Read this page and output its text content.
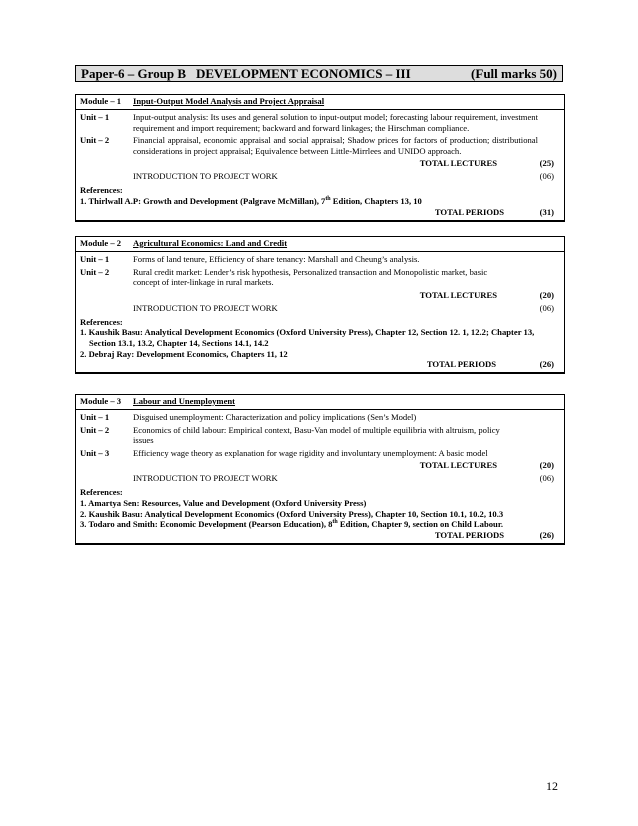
Paper-6 – Group B DEVELOPMENT ECONOMICS – III	(Full marks 50)
Module – 1 Input-Output Model Analysis and Project Appraisal
Unit – 1	Input-output analysis: Its uses and general solution to input-output model; forecasting labour requirement, investment requirement and import requirement; backward and forward linkages; the Hirschman compliance.
Unit – 2	Financial appraisal, economic appraisal and social appraisal; Shadow prices for factors of production; distributional considerations in project appraisal; Equivalence between Little-Mirrlees and UNIDO approach.
TOTAL LECTURES	(25)
INTRODUCTION TO PROJECT WORK	(06)
References:
1. Thirlwall A.P: Growth and Development (Palgrave McMillan), 7th Edition, Chapters 13, 10
TOTAL PERIODS	(31)
Module – 2 Agricultural Economics: Land and Credit
Unit – 1	Forms of land tenure, Efficiency of share tenancy: Marshall and Cheung’s analysis.
Unit – 2	Rural credit market: Lender’s risk hypothesis, Personalized transaction and Monopolistic market, basic concept of inter-linkage in rural markets.
TOTAL LECTURES	(20)
INTRODUCTION TO PROJECT WORK	(06)
References:
1. Kaushik Basu: Analytical Development Economics (Oxford University Press), Chapter 12, Section 12. 1, 12.2; Chapter 13, Section 13.1, 13.2, Chapter 14, Sections 14.1, 14.2
2. Debraj Ray: Development Economics, Chapters 11, 12
TOTAL PERIODS	(26)
Module – 3 Labour and Unemployment
Unit – 1	Disguised unemployment: Characterization and policy implications (Sen’s Model)
Unit – 2	Economics of child labour: Empirical context, Basu-Van model of multiple equilibria with altruism, policy issues
Unit – 3	Efficiency wage theory as explanation for wage rigidity and involuntary unemployment: A basic model
TOTAL LECTURES	(20)
INTRODUCTION TO PROJECT WORK	(06)
References:
1. Amartya Sen: Resources, Value and Development (Oxford University Press)
2. Kaushik Basu: Analytical Development Economics (Oxford University Press), Chapter 10, Section 10.1, 10.2, 10.3
3. Todaro and Smith: Economic Development (Pearson Education), 8th Edition, Chapter 9, section on Child Labour.
TOTAL PERIODS	(26)
12
